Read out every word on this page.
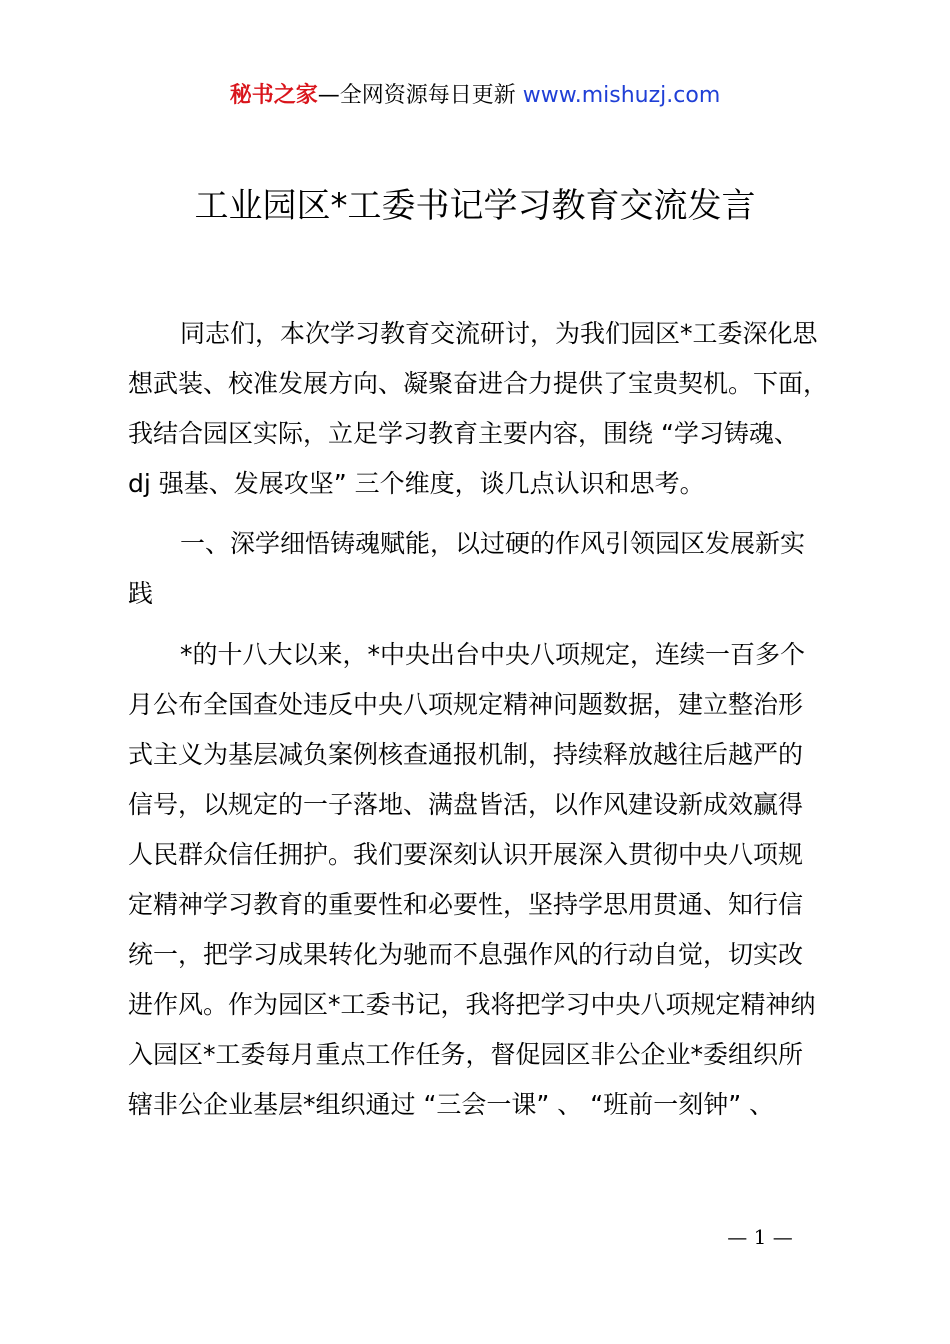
秘书之家—全网资源每日更新 www.mishuzj.com
工业园区*工委书记学习教育交流发言
同志们，本次学习教育交流研讨，为我们园区*工委深化思
想武装、校准发展方向、凝聚奋进合力提供了宝贵契机。下面，
我结合园区实际，立足学习教育主要内容，围绕 “学习铸魂、
dj 强基、发展攻坚” 三个维度，谈几点认识和思考。
一、深学细悟铸魂赋能，以过硬的作风引领园区发展新实
践
*的十八大以来，*中央出台中央八项规定，连续一百多个
月公布全国查处违反中央八项规定精神问题数据，建立整治形
式主义为基层减负案例核查通报机制，持续释放越往后越严的
信号，以规定的一子落地、满盘皆活，以作风建设新成效赢得
人民群众信任拥护。我们要深刻认识开展深入贯彻中央八项规
定精神学习教育的重要性和必要性，坚持学思用贯通、知行信
统一，把学习成果转化为驰而不息强作风的行动自觉，切实改
进作风。作为园区*工委书记，我将把学习中央八项规定精神纳
入园区*工委每月重点工作任务，督促园区非公企业*委组织所
辖非公企业基层*组织通过 “三会一课” 、 “班前一刻钟” 、
— 1 —
